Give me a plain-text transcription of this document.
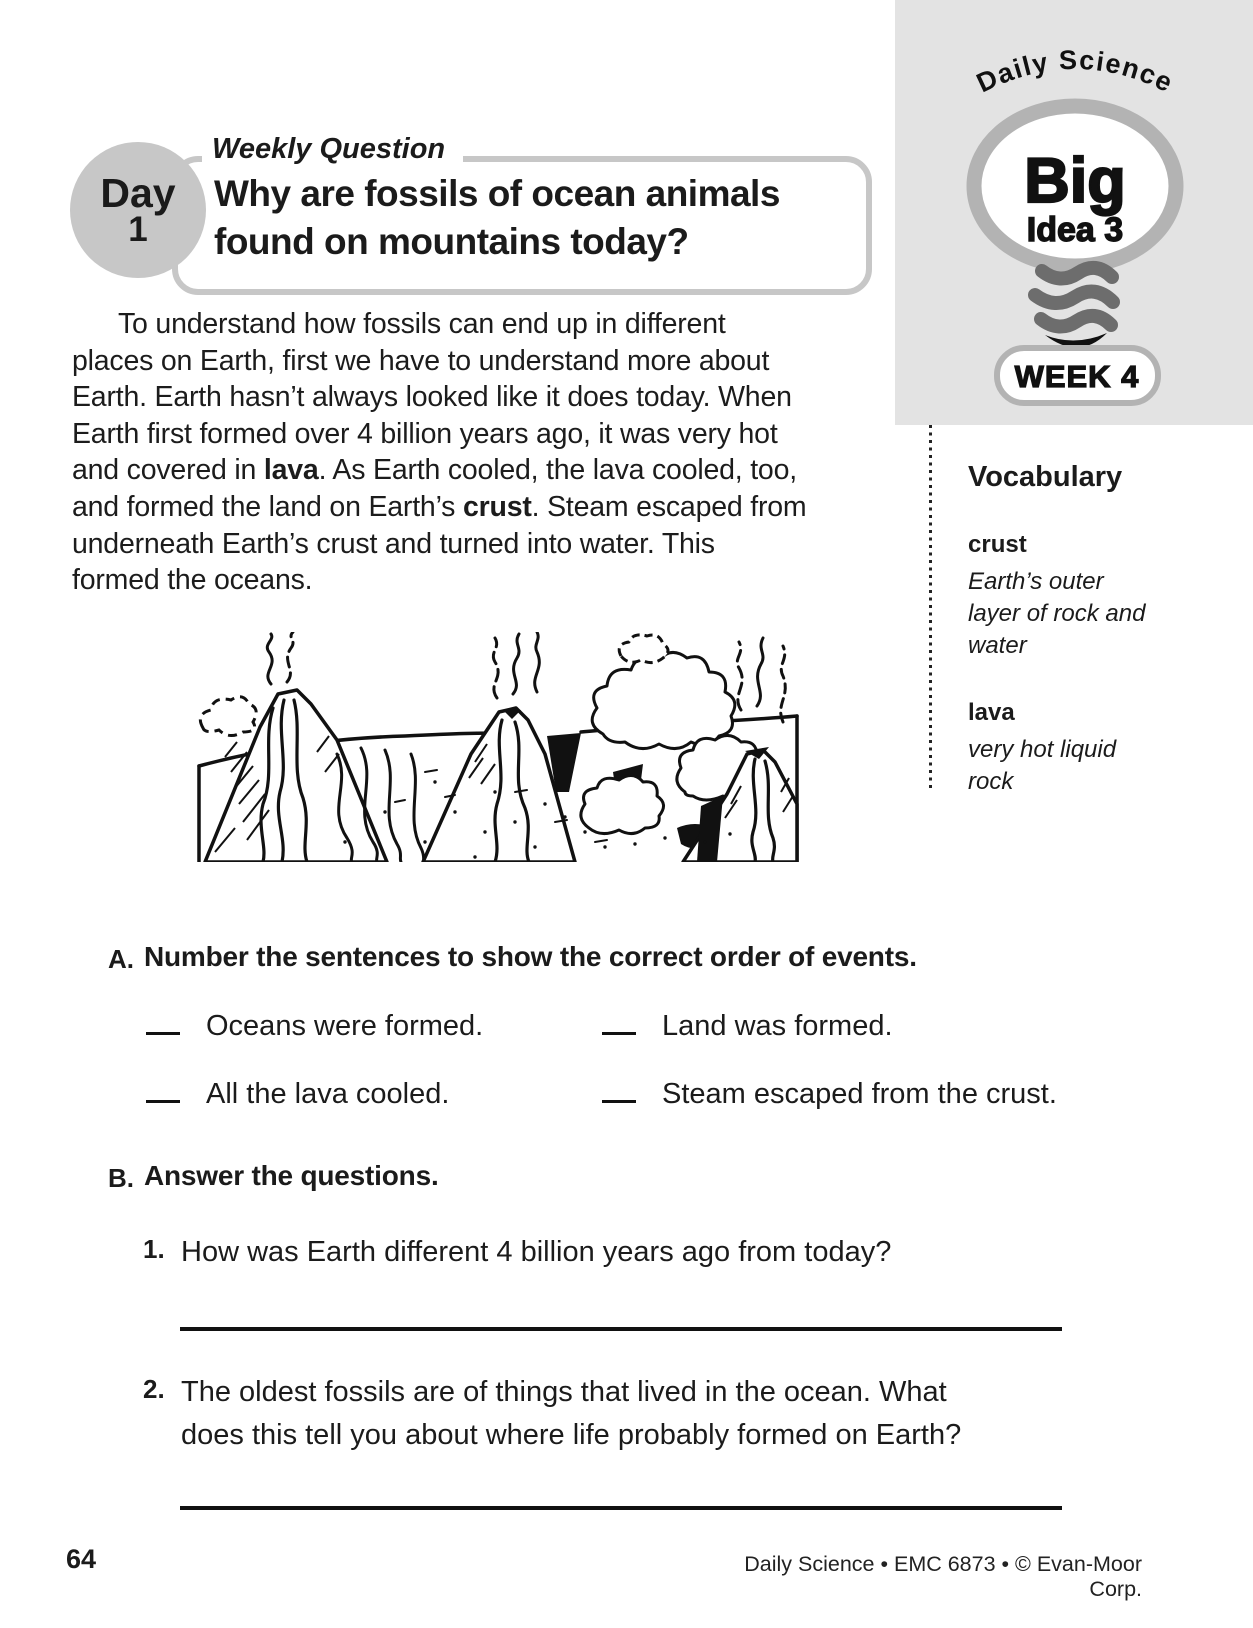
Daily Science
Big
Idea 3
WEEK 4
Weekly Question
Day
1
Why are fossils of ocean animals
found on mountains today?
To understand how fossils can end up in different
places on Earth, first we have to understand more about
Earth. Earth hasn’t always looked like it does today. When
Earth first formed over 4 billion years ago, it was very hot
and covered in lava. As Earth cooled, the lava cooled, too,
and formed the land on Earth’s crust. Steam escaped from
underneath Earth’s crust and turned into water. This
formed the oceans.
Vocabulary
crust
Earth’s outer
layer of rock and
water
lava
very hot liquid
rock
A. Number the sentences to show the correct order of events.
Oceans were formed.	Land was formed.
All the lava cooled.	Steam escaped from the crust.
B. Answer the questions.
1. How was Earth different 4 billion years ago from today?
2. The oldest fossils are of things that lived in the ocean. What
does this tell you about where life probably formed on Earth?
64	Daily Science • EMC 6873 • © Evan-Moor Corp.
